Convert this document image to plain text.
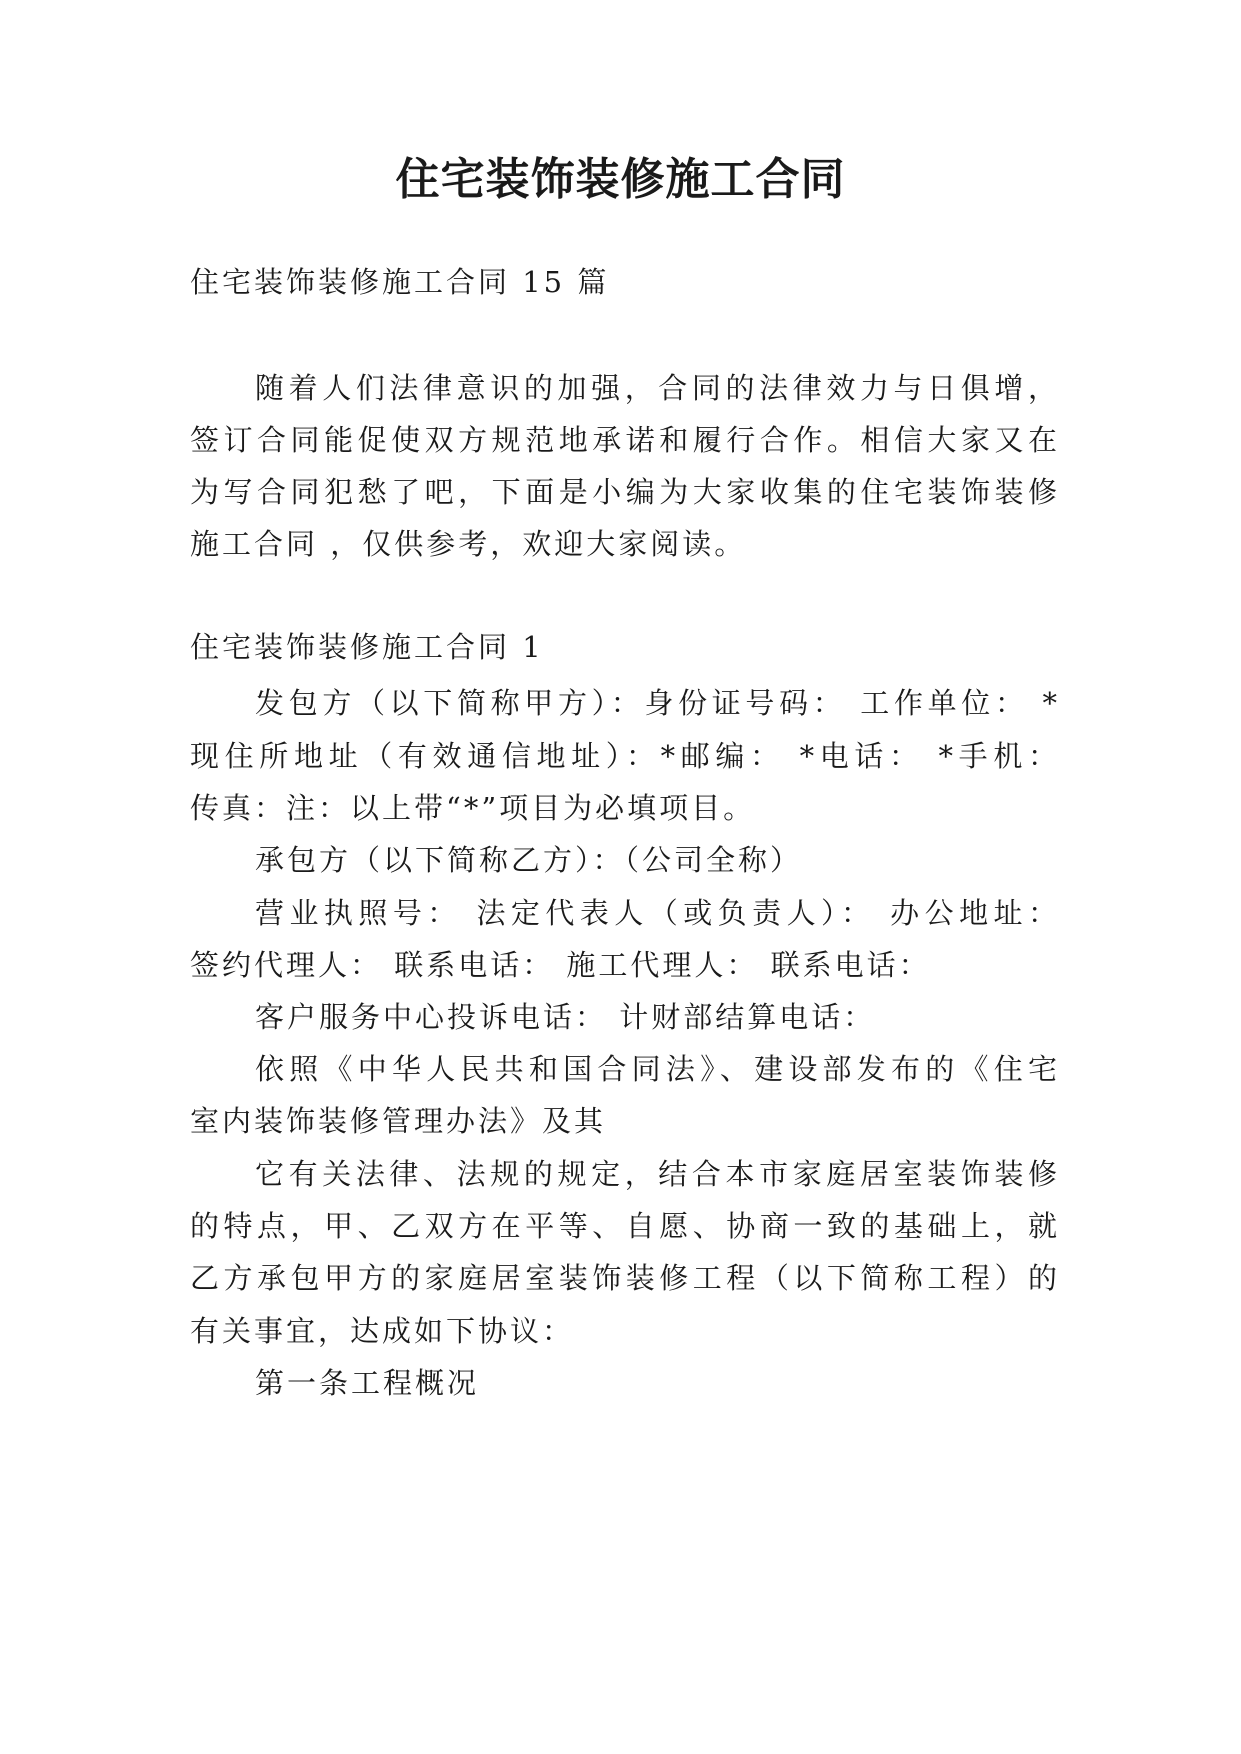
住宅装饰装修施工合同
住宅装饰装修施工合同 15 篇
随着人们法律意识的加强，合同的法律效力与日俱增，
签订合同能促使双方规范地承诺和履行合作。相信大家又在
为写合同犯愁了吧，下面是小编为大家收集的住宅装饰装修
施工合同 ，仅供参考，欢迎大家阅读。
住宅装饰装修施工合同 1
发包方（以下简称甲方）：身份证号码： 工作单位： *
现住所地址（有效通信地址）：*邮编： *电话： *手机：
传真：注：以上带“*”项目为必填项目。
承包方（以下简称乙方）：（公司全称）
营业执照号： 法定代表人（或负责人）： 办公地址：
签约代理人： 联系电话： 施工代理人： 联系电话：
客户服务中心投诉电话： 计财部结算电话：
依照《中华人民共和国合同法》、建设部发布的《住宅
室内装饰装修管理办法》及其
它有关法律、法规的规定，结合本市家庭居室装饰装修
的特点，甲、乙双方在平等、自愿、协商一致的基础上，就
乙方承包甲方的家庭居室装饰装修工程（以下简称工程）的
有关事宜，达成如下协议：
第一条工程概况
